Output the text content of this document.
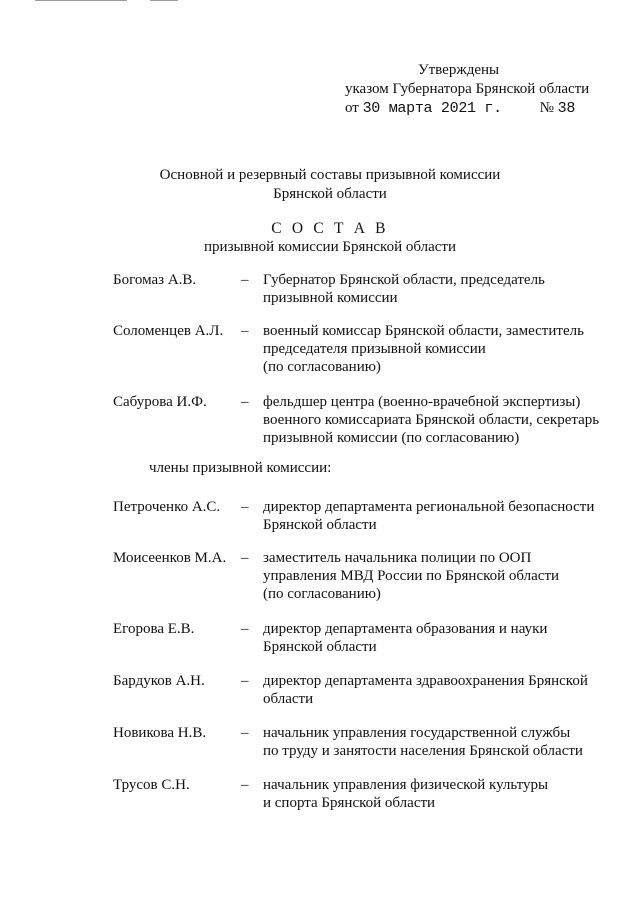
Утверждены
указом Губернатора Брянской области
от 30 марта 2021 г.	№ 38
Основной и резервный составы призывной комиссии
Брянской области
С О С Т А В
призывной комиссии Брянской области
Богомаз А.В.	– Губернатор Брянской области, председатель
призывной комиссии
Соломенцев А.Л. – военный комиссар Брянской области, заместитель
председателя призывной комиссии
(по согласованию)
Сабурова И.Ф. – фельдшер центра (военно-врачебной экспертизы)
военного комиссариата Брянской области, секретарь
призывной комиссии (по согласованию)
члены призывной комиссии:
Петроченко А.С. – директор департамента региональной безопасности
Брянской области
Моисеенков М.А. – заместитель начальника полиции по ООП
управления МВД России по Брянской области
(по согласованию)
Егорова Е.В.	– директор департамента образования и науки
Брянской области
Бардуков А.Н. – директор департамента здравоохранения Брянской
области
Новикова Н.В. – начальник управления государственной службы
по труду и занятости населения Брянской области
Трусов С.Н.	– начальник управления физической культуры
и спорта Брянской области
